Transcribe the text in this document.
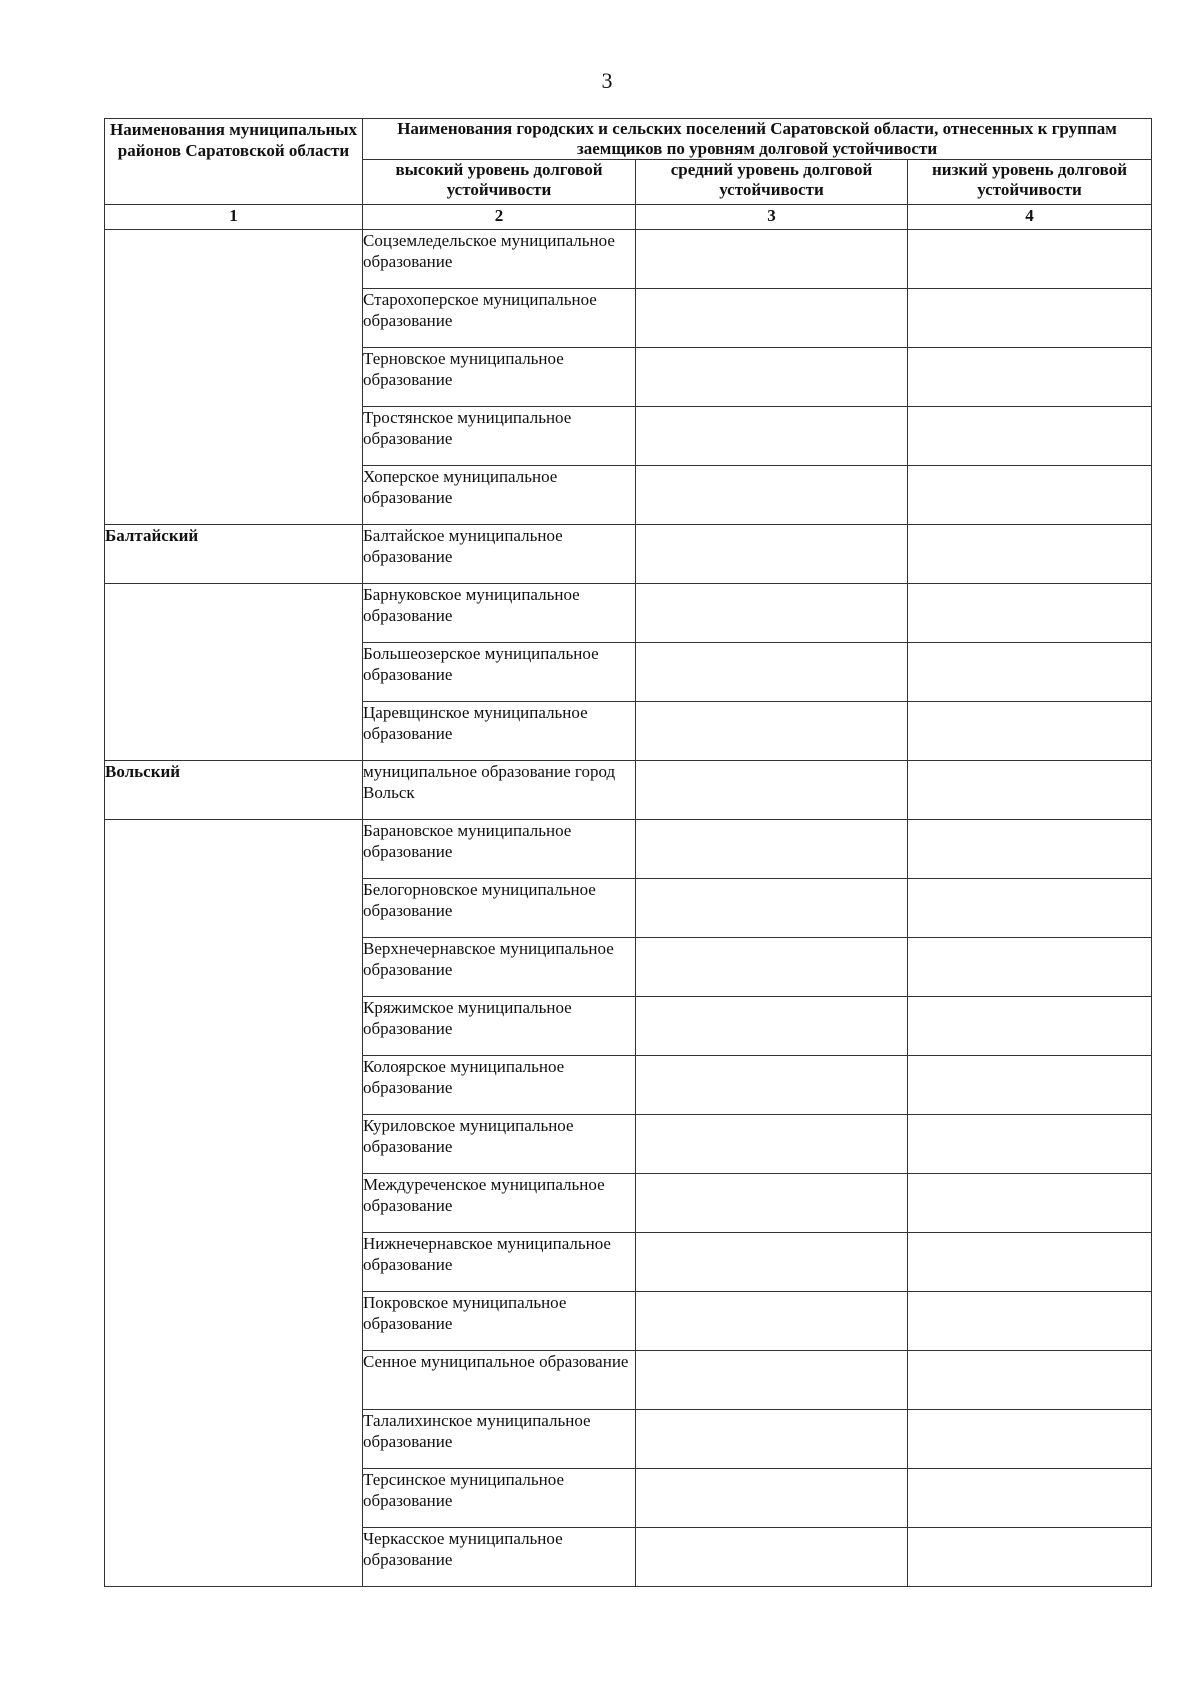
3
Наименования муниципальных районов Саратовской области	Наименования городских и сельских поселений Саратовской области, отнесенных к группам заемщиков по уровням долговой устойчивости		
	высокий уровень долговой устойчивости	средний уровень долговой устойчивости	низкий уровень долговой устойчивости
1	2	3	4
	Соцземледельское муниципальное образование		
	Старохоперское муниципальное образование		
	Терновское муниципальное образование		
	Тростянское муниципальное образование		
	Хоперское муниципальное образование		
Балтайский	Балтайское муниципальное образование		
	Барнуковское муниципальное образование		
	Большеозерское муниципальное образование		
	Царевщинское муниципальное образование		
Вольский	муниципальное образование город Вольск		
	Барановское муниципальное образование		
	Белогорновское муниципальное образование		
	Верхнечернавское муниципальное образование		
	Кряжимское муниципальное образование		
	Колоярское муниципальное образование		
	Куриловское муниципальное образование		
	Междуреченское муниципальное образование		
	Нижнечернавское муниципальное образование		
	Покровское муниципальное образование		
	Сенное муниципальное образование		
	Талалихинское муниципальное образование		
	Терсинское муниципальное образование		
	Черкасское муниципальное образование		
